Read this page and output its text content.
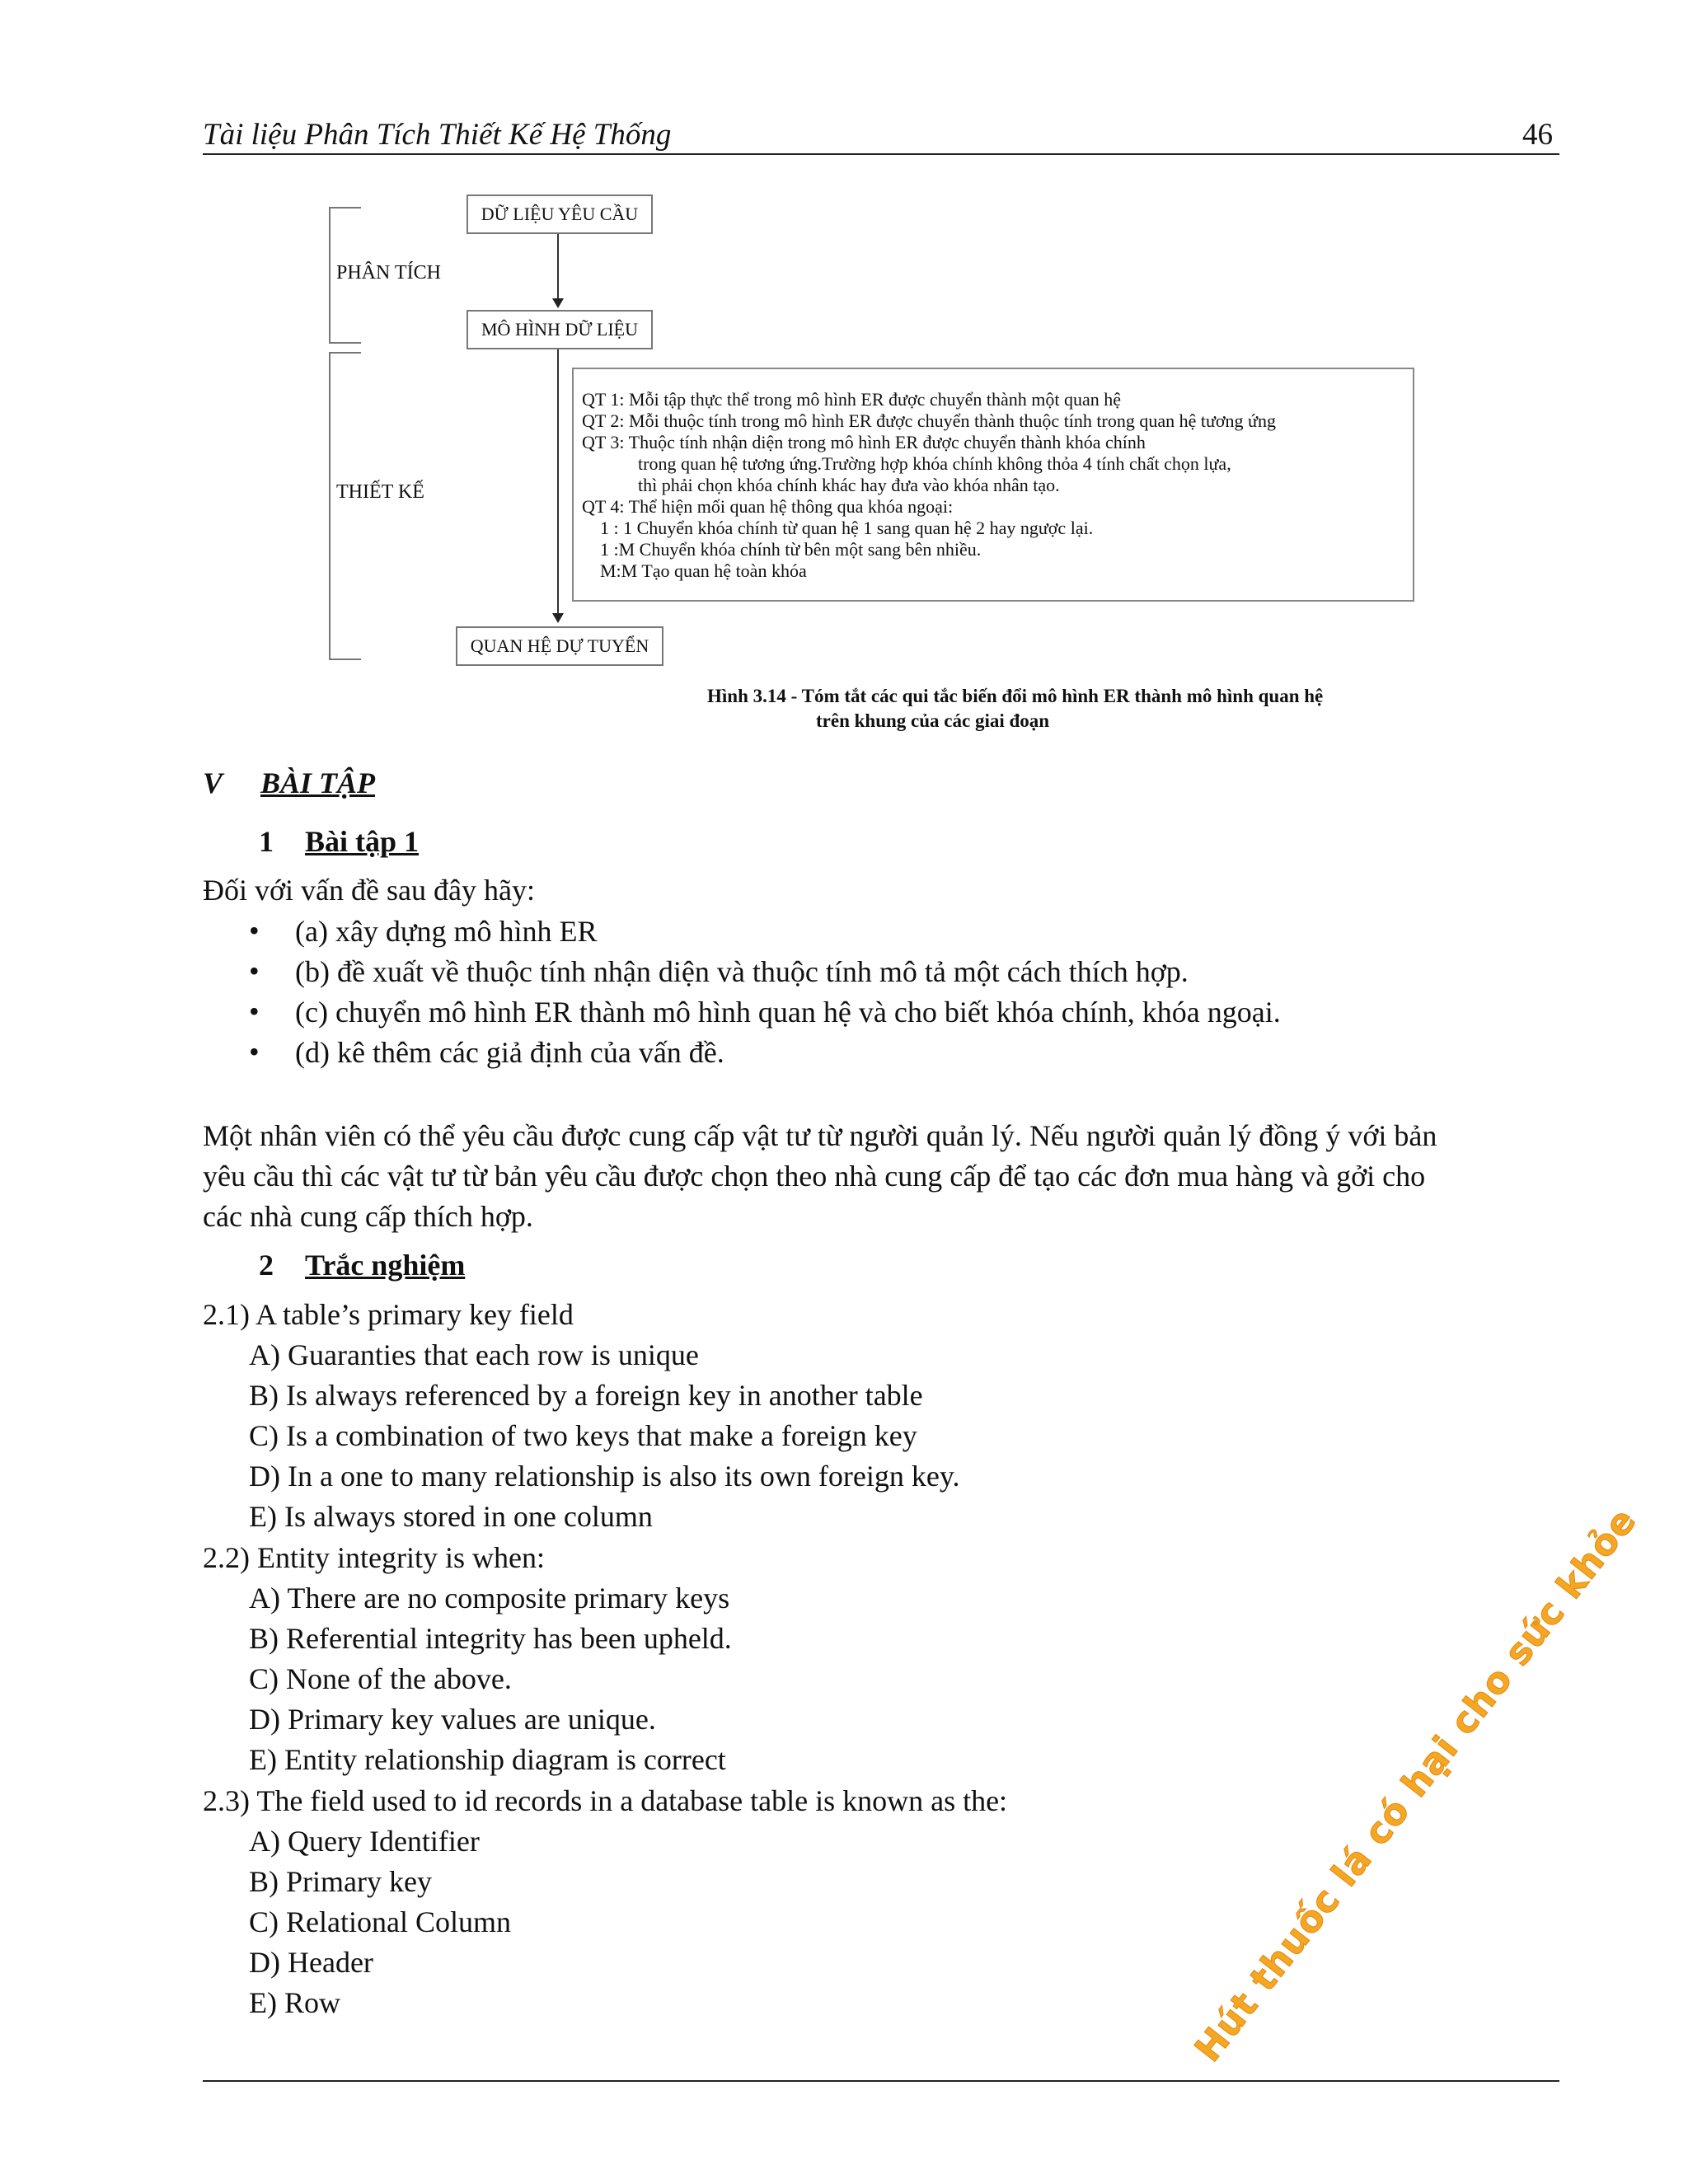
Tài liệu Phân Tích Thiết Kế Hệ Thống	46
PHÂN TÍCH
THIẾT KẾ
DỮ LIỆU YÊU CẦU
MÔ HÌNH DỮ LIỆU
QUAN HỆ DỰ TUYỂN
QT 1: Mỗi tập thực thể trong mô hình ER được chuyển thành một quan hệ
QT 2: Mỗi thuộc tính trong mô hình ER được chuyển thành thuộc tính trong quan hệ tương ứng
QT 3: Thuộc tính nhận diện trong mô hình ER được chuyển thành khóa chính
trong quan hệ tương ứng.Trường hợp khóa chính không thỏa 4 tính chất chọn lựa,
thì phải chọn khóa chính khác hay đưa vào khóa nhân tạo.
QT 4: Thể hiện mối quan hệ thông qua khóa ngoại:
1 : 1 Chuyển khóa chính từ quan hệ 1 sang quan hệ 2 hay ngược lại.
1 :M Chuyển khóa chính từ bên một sang bên nhiều.
M:M Tạo quan hệ toàn khóa
Hình 3.14 - Tóm tắt các qui tắc biến đổi mô hình ER thành mô hình quan hệ
trên khung của các giai đoạn
V BÀI TẬP
1 Bài tập 1
Đối với vấn đề sau đây hãy:
• (a) xây dựng mô hình ER
• (b) đề xuất về thuộc tính nhận diện và thuộc tính mô tả một cách thích hợp.
• (c) chuyển mô hình ER thành mô hình quan hệ và cho biết khóa chính, khóa ngoại.
• (d) kê thêm các giả định của vấn đề.
Một nhân viên có thể yêu cầu được cung cấp vật tư từ người quản lý. Nếu người quản lý đồng ý với bản
yêu cầu thì các vật tư từ bản yêu cầu được chọn theo nhà cung cấp để tạo các đơn mua hàng và gởi cho
các nhà cung cấp thích hợp.
2 Trắc nghiệm
2.1) A table’s primary key field
A) Guaranties that each row is unique
B) Is always referenced by a foreign key in another table
C) Is a combination of two keys that make a foreign key
D) In a one to many relationship is also its own foreign key.
E) Is always stored in one column
2.2) Entity integrity is when:
A) There are no composite primary keys
B) Referential integrity has been upheld.
C) None of the above.
D) Primary key values are unique.
E) Entity relationship diagram is correct
2.3) The field used to id records in a database table is known as the:
A) Query Identifier
B) Primary key
C) Relational Column
D) Header
E) Row	Hút thuốc lá có hại cho sức khỏe
